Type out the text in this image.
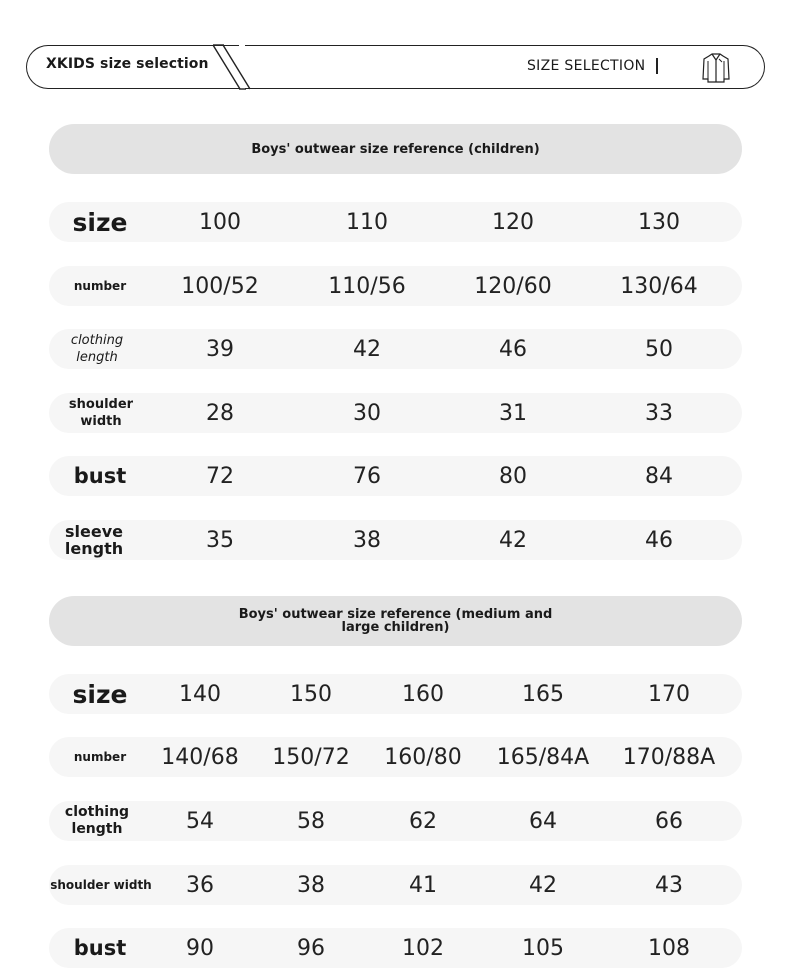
XKIDS size selection	SIZE SELECTION
Boys' outwear size reference (children)
size	100	110	120	130
number	100/52	110/56	120/60	130/64
clothing length	39	42	46	50
shoulder width	28	30	31	33
bust	72	76	80	84
sleeve length	35	38	42	46
Boys' outwear size reference (medium and large children)
size	140	150	160	165	170
number	140/68	150/72	160/80	165/84A	170/88A
clothing length	54	58	62	64	66
shoulder width	36	38	41	42	43
bust	90	96	102	105	108
